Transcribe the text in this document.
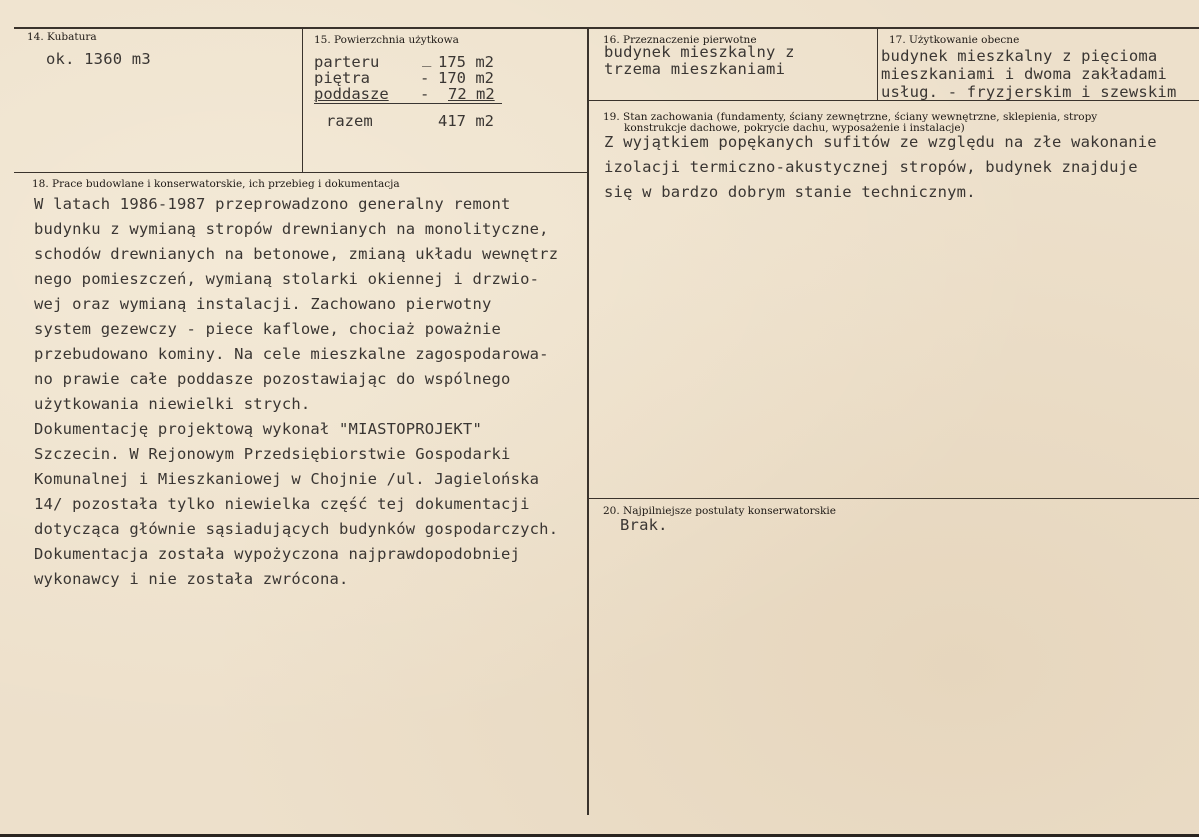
14. Kubatura
ok. 1360 m3
15. Powierzchnia użytkowa
parteru	_ 175 m2
piętra	- 170 m2
poddasze - 72 m2
razem	417 m2
16. Przeznaczenie pierwotne
budynek mieszkalny z
trzema mieszkaniami
17. Użytkowanie obecne
budynek mieszkalny z pięcioma
mieszkaniami i dwoma zakładami
usług. - fryzjerskim i szewskim
18. Prace budowlane i konserwatorskie, ich przebieg i dokumentacja
W latach 1986-1987 przeprowadzono generalny remont
budynku z wymianą stropów drewnianych na monolityczne,
schodów drewnianych na betonowe, zmianą układu wewnętrz
nego pomieszczeń, wymianą stolarki okiennej i drzwio-
wej oraz wymianą instalacji. Zachowano pierwotny
system gezewczy - piece kaflowe, chociaż poważnie
przebudowano kominy. Na cele mieszkalne zagospodarowa-
no prawie całe poddasze pozostawiając do wspólnego
użytkowania niewielki strych.
Dokumentację projektową wykonał "MIASTOPROJEKT"
Szczecin. W Rejonowym Przedsiębiorstwie Gospodarki
Komunalnej i Mieszkaniowej w Chojnie /ul. Jagielońska
14/ pozostała tylko niewielka część tej dokumentacji
dotycząca głównie sąsiadujących budynków gospodarczych.
Dokumentacja została wypożyczona najprawdopodobniej
wykonawcy i nie została zwrócona.
19. Stan zachowania (fundamenty, ściany zewnętrzne, ściany wewnętrzne, sklepienia, stropy
konstrukcje dachowe, pokrycie dachu, wyposażenie i instalacje)
Z wyjątkiem popękanych sufitów ze względu na złe wakonanie
izolacji termiczno-akustycznej stropów, budynek znajduje
się w bardzo dobrym stanie technicznym.
20. Najpilniejsze postulaty konserwatorskie
Brak.
